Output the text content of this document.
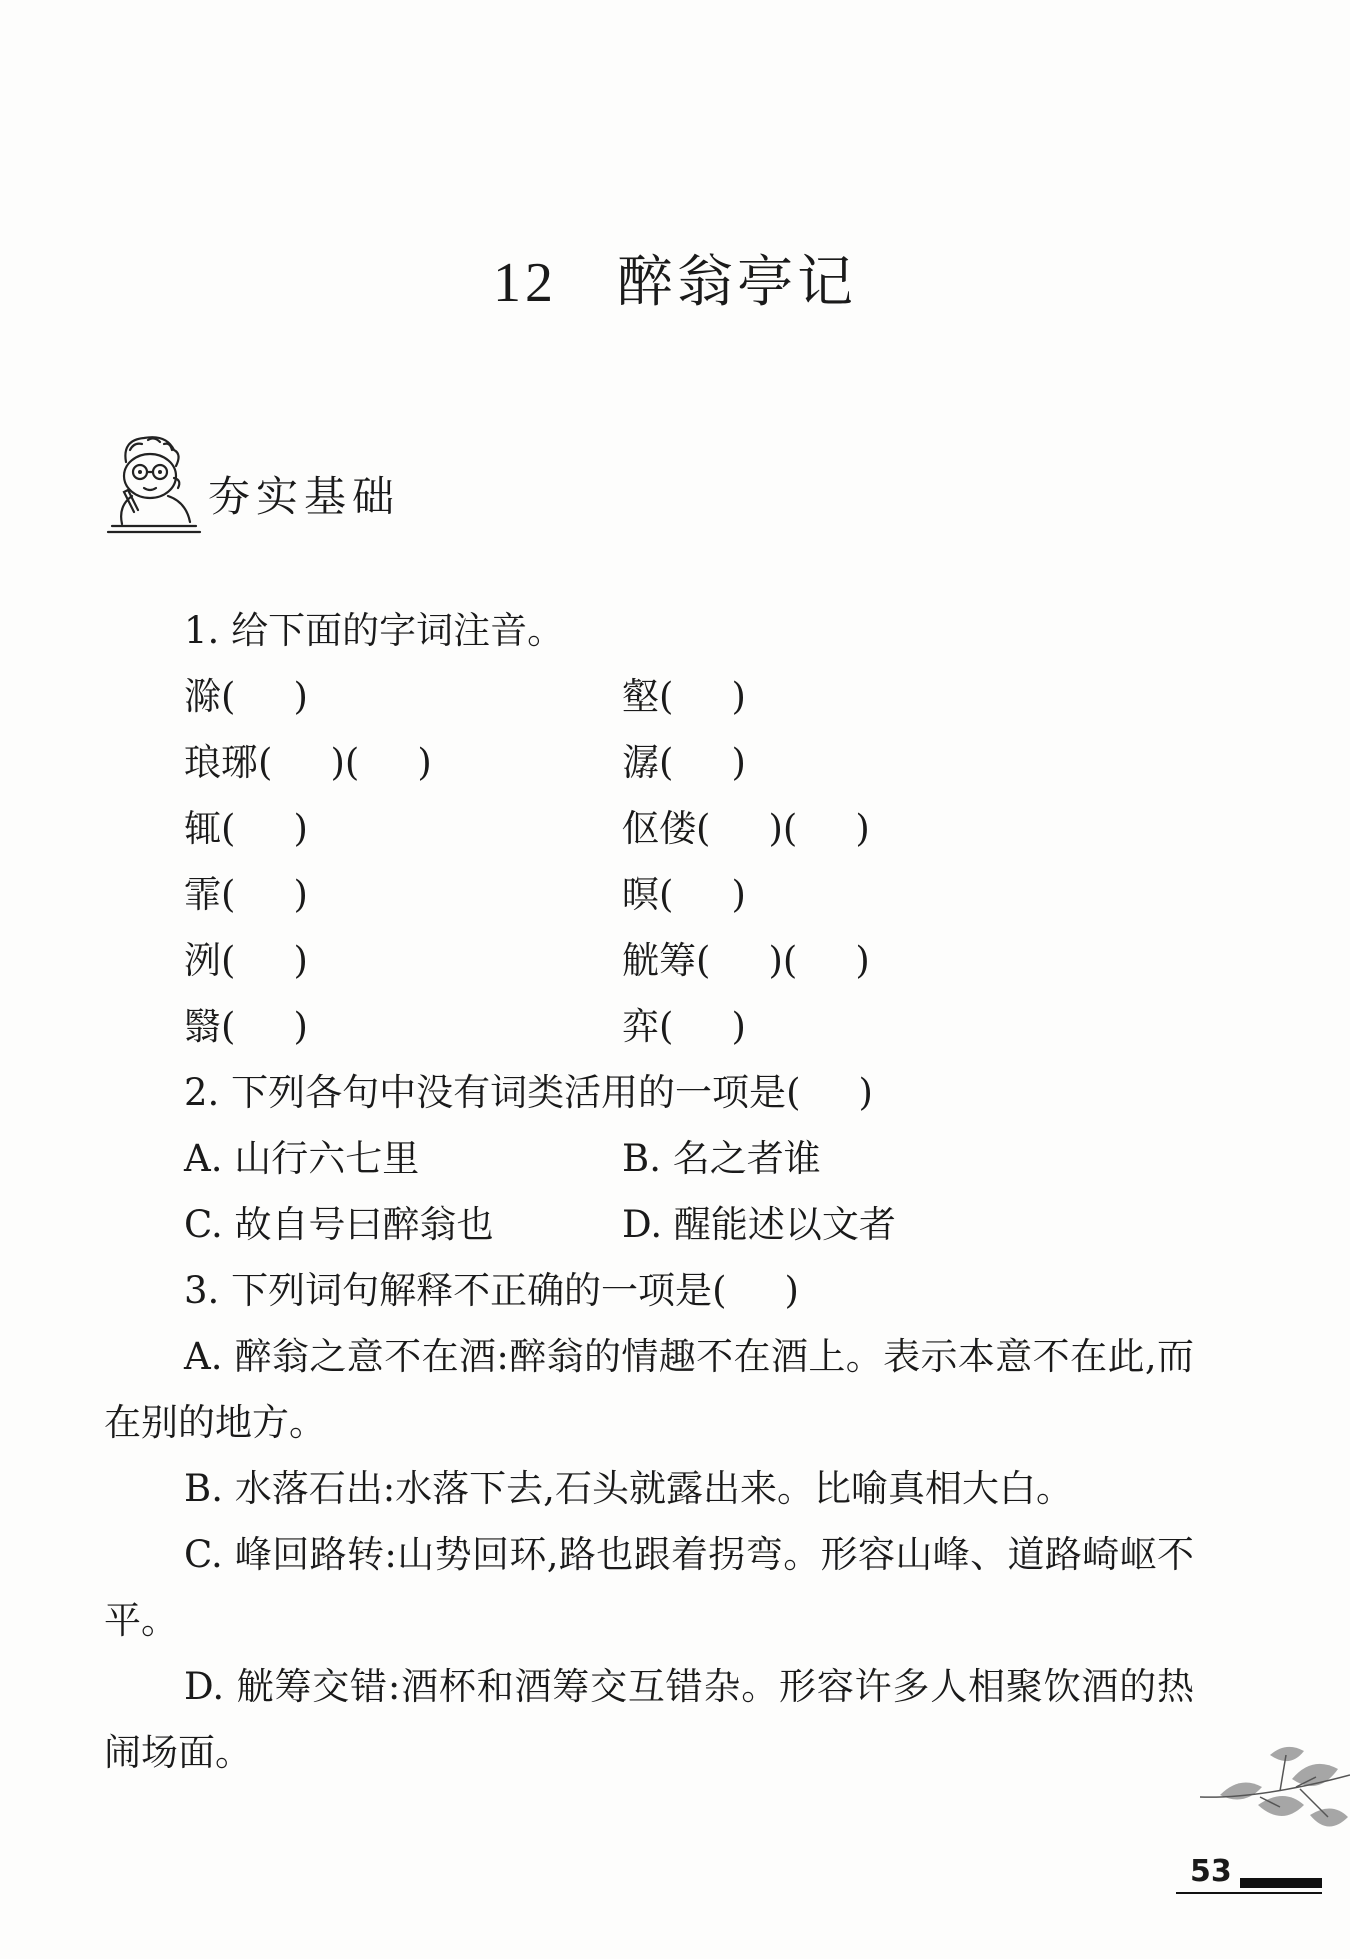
12 醉翁亭记
夯实基础
1. 给下面的字词注音。
滁( )	壑( )
琅琊( )( )	潺( )
辄( )	伛偻( )( )
霏( )	暝( )
洌( )	觥筹( )( )
翳( )	弈( )
2. 下列各句中没有词类活用的一项是( )
A. 山行六七里	B. 名之者谁
C. 故自号曰醉翁也	D. 醒能述以文者
3. 下列词句解释不正确的一项是( )
A. 醉翁之意不在酒:醉翁的情趣不在酒上。表示本意不在此,而在别的地方。
B. 水落石出:水落下去,石头就露出来。比喻真相大白。
C. 峰回路转:山势回环,路也跟着拐弯。形容山峰、道路崎岖不平。
D. 觥筹交错:酒杯和酒筹交互错杂。形容许多人相聚饮酒的热闹场面。
53
